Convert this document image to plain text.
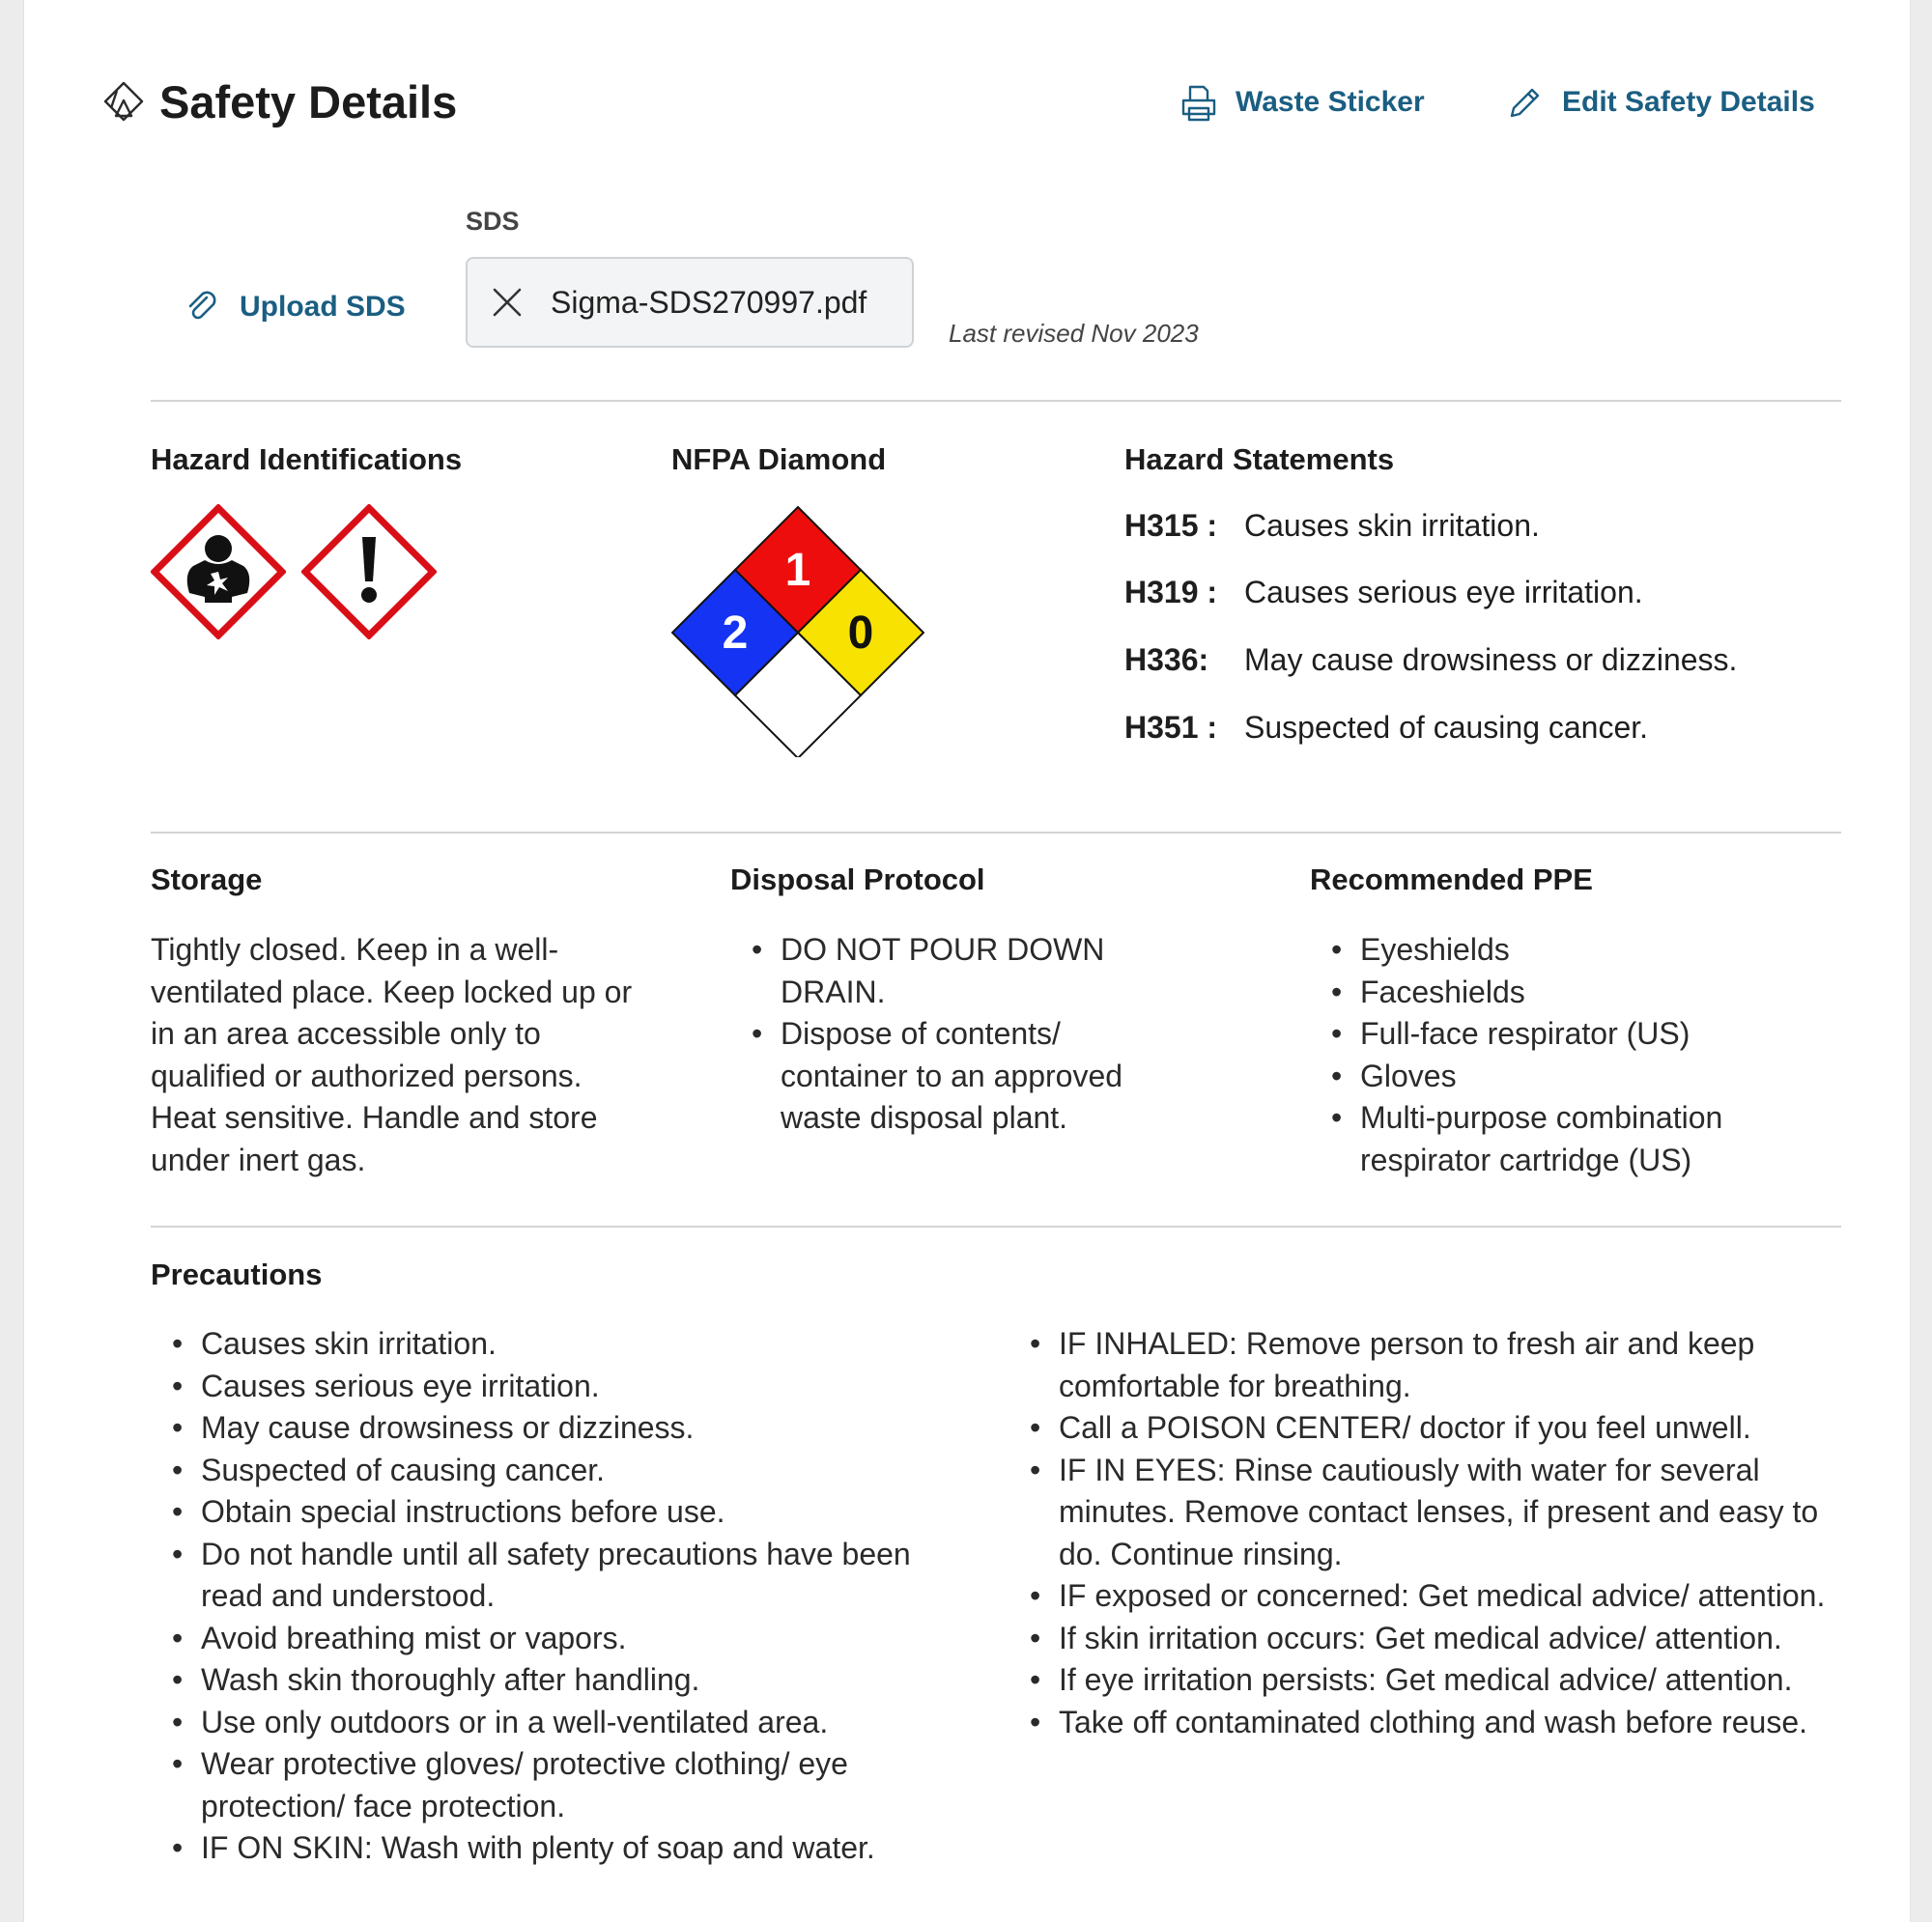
Safety Details	Waste Sticker	Edit Safety Details
SDS
Upload SDS	Sigma-SDS270997.pdf
Last revised Nov 2023
Hazard Identifications	NFPA Diamond
1
2 0
Hazard Statements
H315 : Causes skin irritation.
H319 : Causes serious eye irritation.
H336:	May cause drowsiness or dizziness.
H351 : Suspected of causing cancer.
Storage
Tightly closed. Keep in a well-ventilated place. Keep locked up or in an area accessible only to qualified or authorized persons. Heat sensitive. Handle and store under inert gas.
Disposal Protocol
• DO NOT POUR DOWN DRAIN.
• Dispose of contents/ container to an approved waste disposal plant.
Recommended PPE
• Eyeshields
• Faceshields
• Full-face respirator (US)
• Gloves
• Multi-purpose combination respirator cartridge (US)
Precautions
• Causes skin irritation.
• Causes serious eye irritation.
• May cause drowsiness or dizziness.
• Suspected of causing cancer.
• Obtain special instructions before use.
• Do not handle until all safety precautions have been read and understood.
• Avoid breathing mist or vapors.
• Wash skin thoroughly after handling.
• Use only outdoors or in a well-ventilated area.
• Wear protective gloves/ protective clothing/ eye protection/ face protection.
• IF ON SKIN: Wash with plenty of soap and water.
• IF INHALED: Remove person to fresh air and keep comfortable for breathing.
• Call a POISON CENTER/ doctor if you feel unwell.
• IF IN EYES: Rinse cautiously with water for several minutes. Remove contact lenses, if present and easy to do. Continue rinsing.
• IF exposed or concerned: Get medical advice/ attention.
• If skin irritation occurs: Get medical advice/ attention.
• If eye irritation persists: Get medical advice/ attention.
• Take off contaminated clothing and wash before reuse.
